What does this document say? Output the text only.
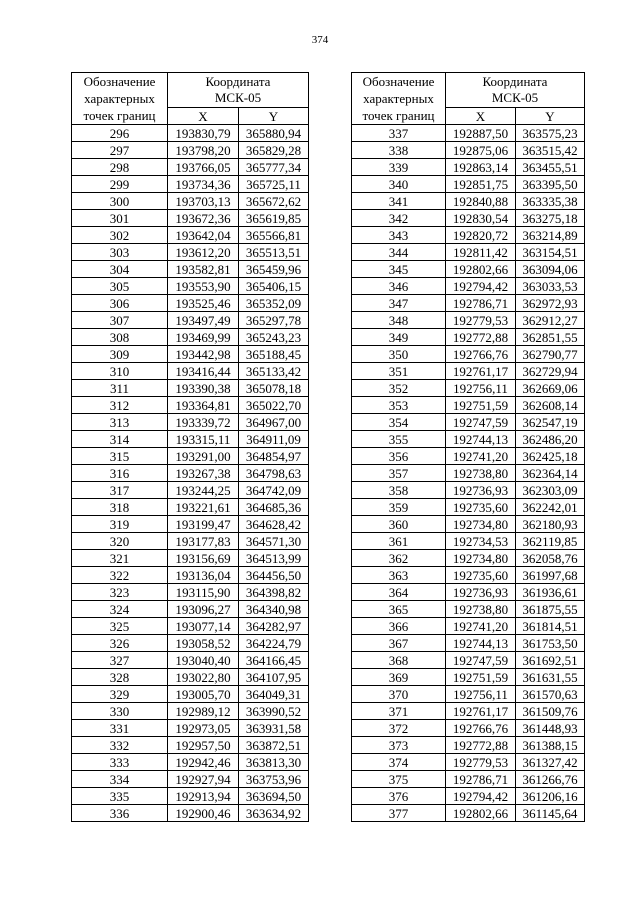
374
Обозначение
характерных
точек границ	Координата
МСК-05	
	X	Y
296	193830,79	365880,94
297	193798,20	365829,28
298	193766,05	365777,34
299	193734,36	365725,11
300	193703,13	365672,62
301	193672,36	365619,85
302	193642,04	365566,81
303	193612,20	365513,51
304	193582,81	365459,96
305	193553,90	365406,15
306	193525,46	365352,09
307	193497,49	365297,78
308	193469,99	365243,23
309	193442,98	365188,45
310	193416,44	365133,42
311	193390,38	365078,18
312	193364,81	365022,70
313	193339,72	364967,00
314	193315,11	364911,09
315	193291,00	364854,97
316	193267,38	364798,63
317	193244,25	364742,09
318	193221,61	364685,36
319	193199,47	364628,42
320	193177,83	364571,30
321	193156,69	364513,99
322	193136,04	364456,50
323	193115,90	364398,82
324	193096,27	364340,98
325	193077,14	364282,97
326	193058,52	364224,79
327	193040,40	364166,45
328	193022,80	364107,95
329	193005,70	364049,31
330	192989,12	363990,52
331	192973,05	363931,58
332	192957,50	363872,51
333	192942,46	363813,30
334	192927,94	363753,96
335	192913,94	363694,50
336	192900,46	363634,92
Обозначение
характерных
точек границ	Координата
МСК-05	
	X	Y
337	192887,50	363575,23
338	192875,06	363515,42
339	192863,14	363455,51
340	192851,75	363395,50
341	192840,88	363335,38
342	192830,54	363275,18
343	192820,72	363214,89
344	192811,42	363154,51
345	192802,66	363094,06
346	192794,42	363033,53
347	192786,71	362972,93
348	192779,53	362912,27
349	192772,88	362851,55
350	192766,76	362790,77
351	192761,17	362729,94
352	192756,11	362669,06
353	192751,59	362608,14
354	192747,59	362547,19
355	192744,13	362486,20
356	192741,20	362425,18
357	192738,80	362364,14
358	192736,93	362303,09
359	192735,60	362242,01
360	192734,80	362180,93
361	192734,53	362119,85
362	192734,80	362058,76
363	192735,60	361997,68
364	192736,93	361936,61
365	192738,80	361875,55
366	192741,20	361814,51
367	192744,13	361753,50
368	192747,59	361692,51
369	192751,59	361631,55
370	192756,11	361570,63
371	192761,17	361509,76
372	192766,76	361448,93
373	192772,88	361388,15
374	192779,53	361327,42
375	192786,71	361266,76
376	192794,42	361206,16
377	192802,66	361145,64
